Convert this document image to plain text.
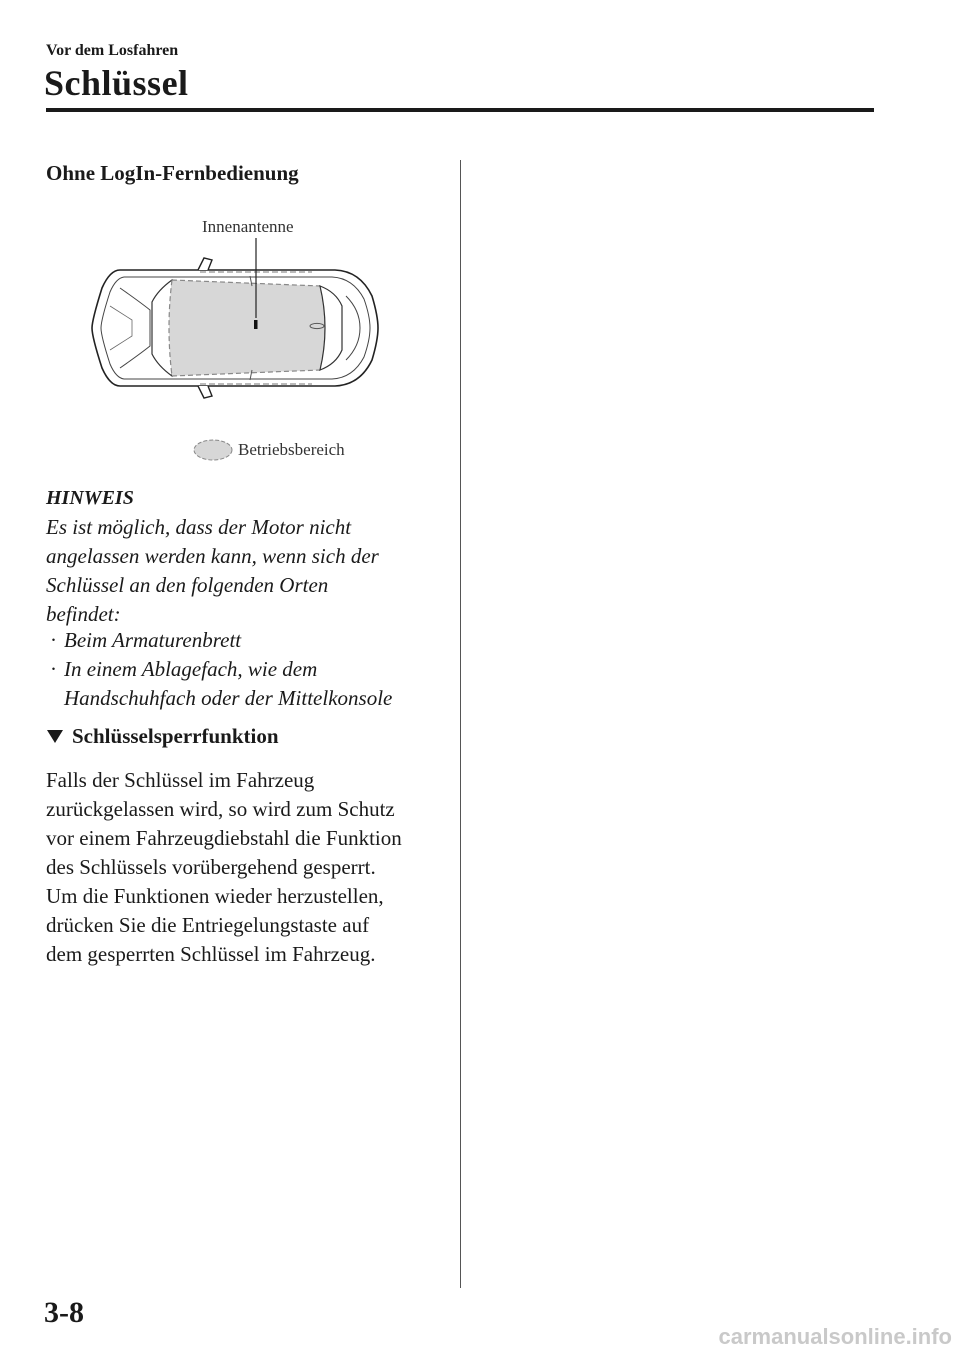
Vor dem Losfahren
Schlüssel
Ohne LogIn-Fernbedienung
Innenantenne
Betriebsbereich
HINWEIS
Es ist möglich, dass der Motor nicht
angelassen werden kann, wenn sich der
Schlüssel an den folgenden Orten
befindet:
· Beim Armaturenbrett
· In einem Ablagefach, wie dem
Handschuhfach oder der Mittelkonsole
Schlüsselsperrfunktion
Falls der Schlüssel im Fahrzeug
zurückgelassen wird, so wird zum Schutz
vor einem Fahrzeugdiebstahl die Funktion
des Schlüssels vorübergehend gesperrt.
Um die Funktionen wieder herzustellen,
drücken Sie die Entriegelungstaste auf
dem gesperrten Schlüssel im Fahrzeug.
3-8
carmanualsonline.info
